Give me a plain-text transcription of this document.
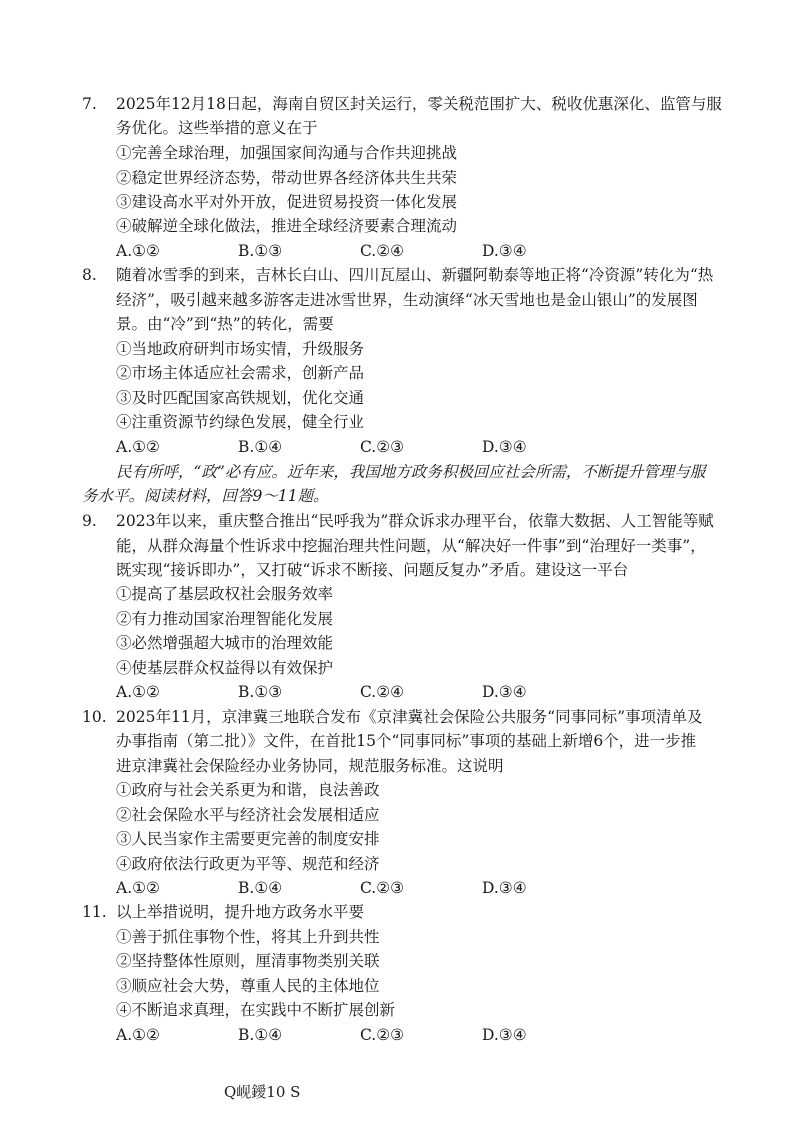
7. 2025年12月18日起，海南自贸区封关运行，零关税范围扩大、税收优惠深化、监管与服
务优化。这些举措的意义在于
①完善全球治理，加强国家间沟通与合作共迎挑战
②稳定世界经济态势，带动世界各经济体共生共荣
③建设高水平对外开放，促进贸易投资一体化发展
④破解逆全球化做法，推进全球经济要素合理流动
A.①②	B.①③	C.②④	D.③④
8. 随着冰雪季的到来，吉林长白山、四川瓦屋山、新疆阿勒泰等地正将“冷资源”转化为“热
经济”，吸引越来越多游客走进冰雪世界，生动演绎“冰天雪地也是金山银山”的发展图
景。由“冷”到“热”的转化，需要
①当地政府研判市场实情，升级服务
②市场主体适应社会需求，创新产品
③及时匹配国家高铁规划，优化交通
④注重资源节约绿色发展，健全行业
A.①②	B.①④	C.②③	D.③④
民有所呼，“政”必有应。近年来，我国地方政务积极回应社会所需，不断提升管理与服
务水平。阅读材料，回答9～11题。
9. 2023年以来，重庆整合推出“民呼我为”群众诉求办理平台，依靠大数据、人工智能等赋
能，从群众海量个性诉求中挖掘治理共性问题，从“解决好一件事”到“治理好一类事”，
既实现“接诉即办”，又打破“诉求不断接、问题反复办”矛盾。建设这一平台
①提高了基层政权社会服务效率
②有力推动国家治理智能化发展
③必然增强超大城市的治理效能
④使基层群众权益得以有效保护
A.①②	B.①③	C.②④	D.③④
10. 2025年11月，京津冀三地联合发布《京津冀社会保险公共服务“同事同标”事项清单及
办事指南（第二批）》文件，在首批15个“同事同标”事项的基础上新增6个，进一步推
进京津冀社会保险经办业务协同，规范服务标准。这说明
①政府与社会关系更为和谐，良法善政
②社会保险水平与经济社会发展相适应
③人民当家作主需要更完善的制度安排
④政府依法行政更为平等、规范和经济
A.①②	B.①④	C.②③	D.③④
11. 以上举措说明，提升地方政务水平要
①善于抓住事物个性，将其上升到共性
②坚持整体性原则，厘清事物类别关联
③顺应社会大势，尊重人民的主体地位
④不断追求真理，在实践中不断扩展创新
A.①②	B.①④	C.②③	D.③④
Q岘鑀10 S
